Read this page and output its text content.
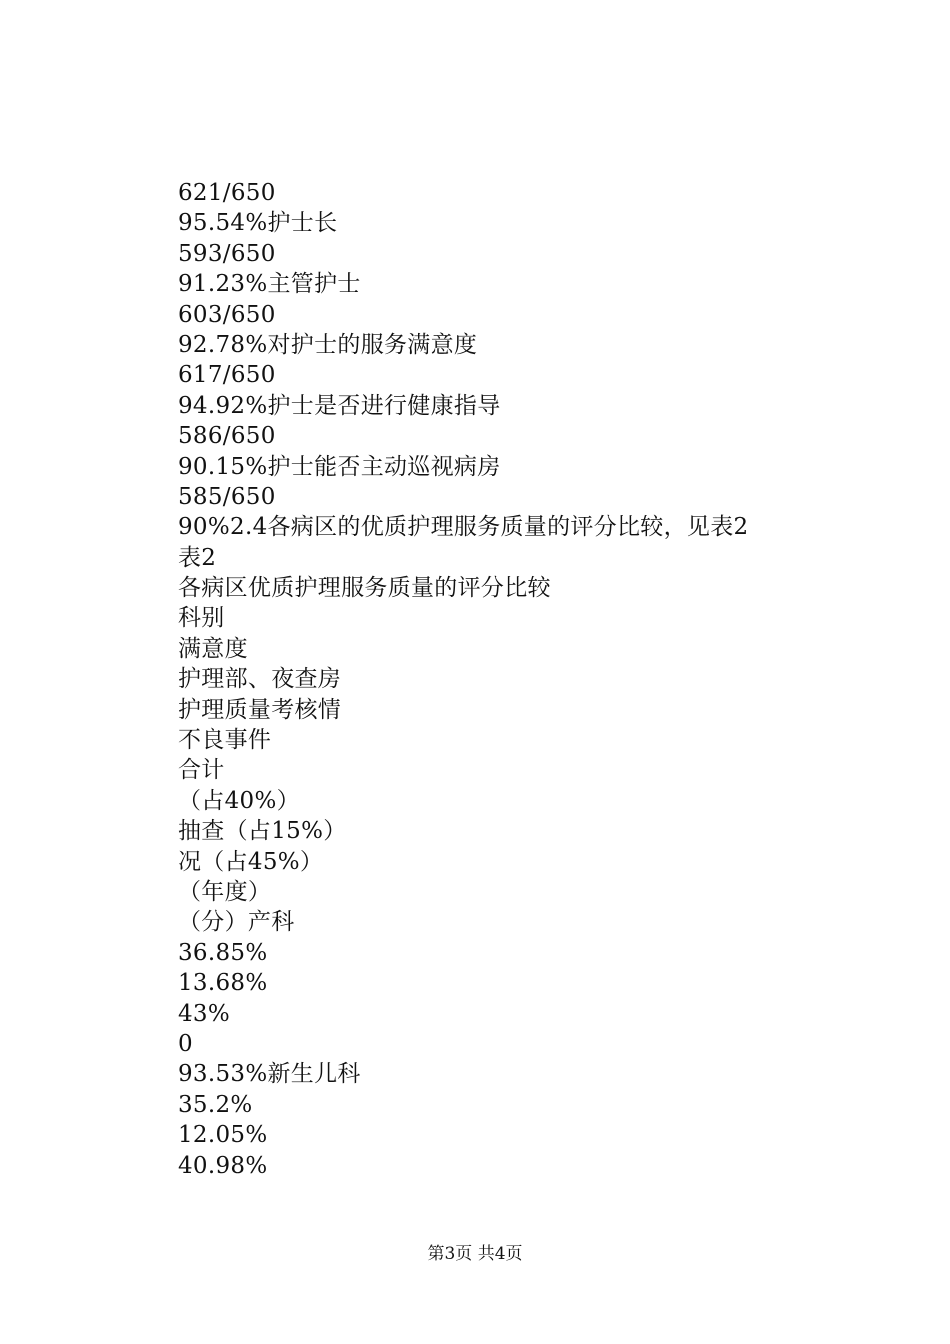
621/650
95.54%护士长
593/650
91.23%主管护士
603/650
92.78%对护士的服务满意度
617/650
94.92%护士是否进行健康指导
586/650
90.15%护士能否主动巡视病房
585/650
90%2.4各病区的优质护理服务质量的评分比较，见表2
表2
各病区优质护理服务质量的评分比较
科别
满意度
护理部、夜查房
护理质量考核情
不良事件
合计
（占40%）
抽查（占15%）
况（占45%）
（年度）
（分）产科
36.85%
13.68%
43%
0
93.53%新生儿科
35.2%
12.05%
40.98%
第3页 共4页
